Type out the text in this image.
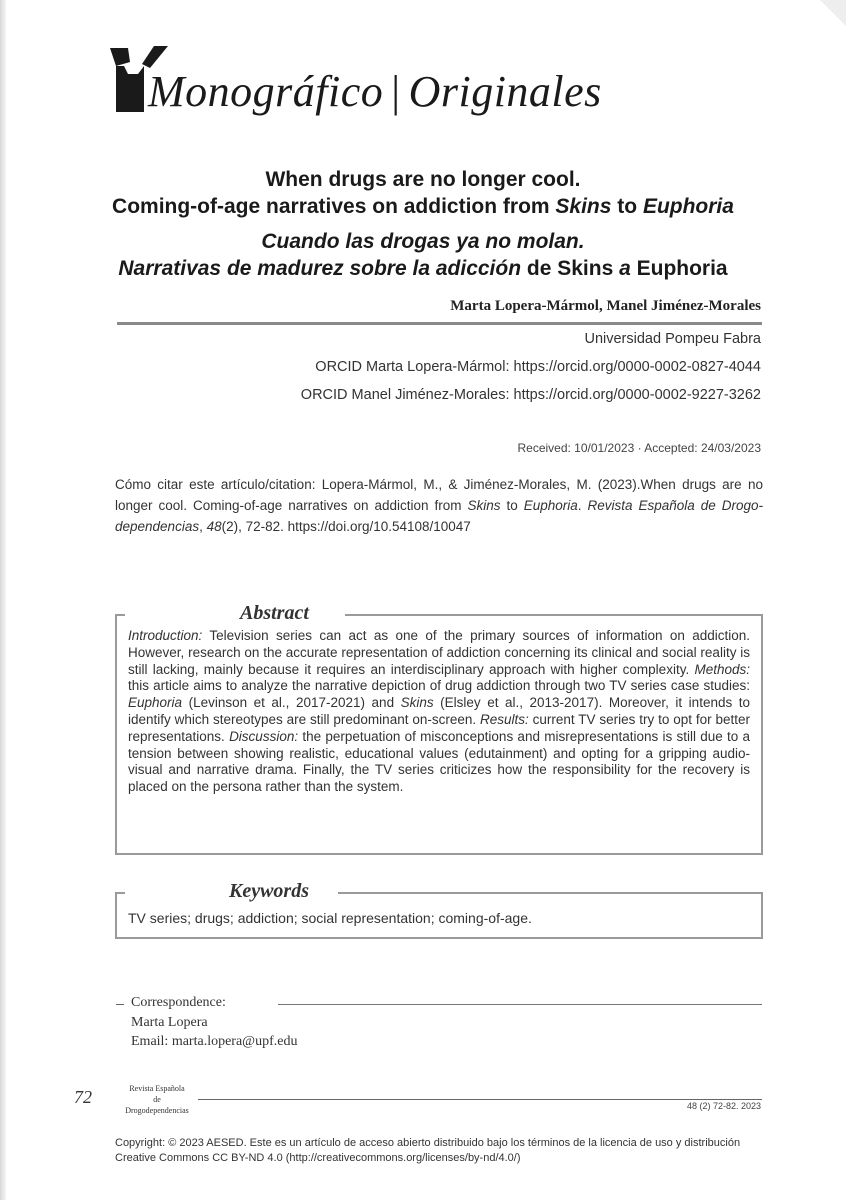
Monográfico | Originales

When drugs are no longer cool.
Coming-of-age narratives on addiction from Skins to Euphoria

Cuando las drogas ya no molan.
Narrativas de madurez sobre la adicción de Skins a Euphoria

Marta Lopera-Mármol, Manel Jiménez-Morales
Universidad Pompeu Fabra
ORCID Marta Lopera-Mármol: https://orcid.org/0000-0002-0827-4044
ORCID Manel Jiménez-Morales: https://orcid.org/0000-0002-9227-3262
Received: 10/01/2023 · Accepted: 24/03/2023
Cómo citar este artículo/citation: Lopera-Mármol, M., & Jiménez-Morales, M. (2023).When drugs are no longer cool. Coming-of-age narratives on addiction from Skins to Euphoria. Revista Española de Drogo-dependencias, 48(2), 72-82. https://doi.org/10.54108/10047
Abstract
Introduction: Television series can act as one of the primary sources of information on addiction. However, research on the accurate representation of addiction concerning its clinical and social reality is still lacking, mainly because it requires an interdisciplinary approach with higher complexity. Methods: this article aims to analyze the narrative depiction of drug addiction through two TV series case studies: Euphoria (Levinson et al., 2017-2021) and Skins (Elsley et al., 2013-2017). Moreover, it intends to identify which stereotypes are still predominant on-screen. Results: current TV series try to opt for better representations. Discussion: the perpetuation of misconceptions and misrepresentations is still due to a tension between showing realistic, educational values (edutainment) and opting for a gripping audio-visual and narrative drama. Finally, the TV series criticizes how the responsibility for the recovery is placed on the persona rather than the system.
Keywords
TV series; drugs; addiction; social representation; coming-of-age.
Correspondence:
Marta Lopera
Email: marta.lopera@upf.edu
72	Revista Española
de
Drogodependencias	48 (2) 72-82. 2023
Copyright: © 2023 AESED. Este es un artículo de acceso abierto distribuido bajo los términos de la licencia de uso y distribución Creative Commons CC BY-ND 4.0 (http://creativecommons.org/licenses/by-nd/4.0/)
